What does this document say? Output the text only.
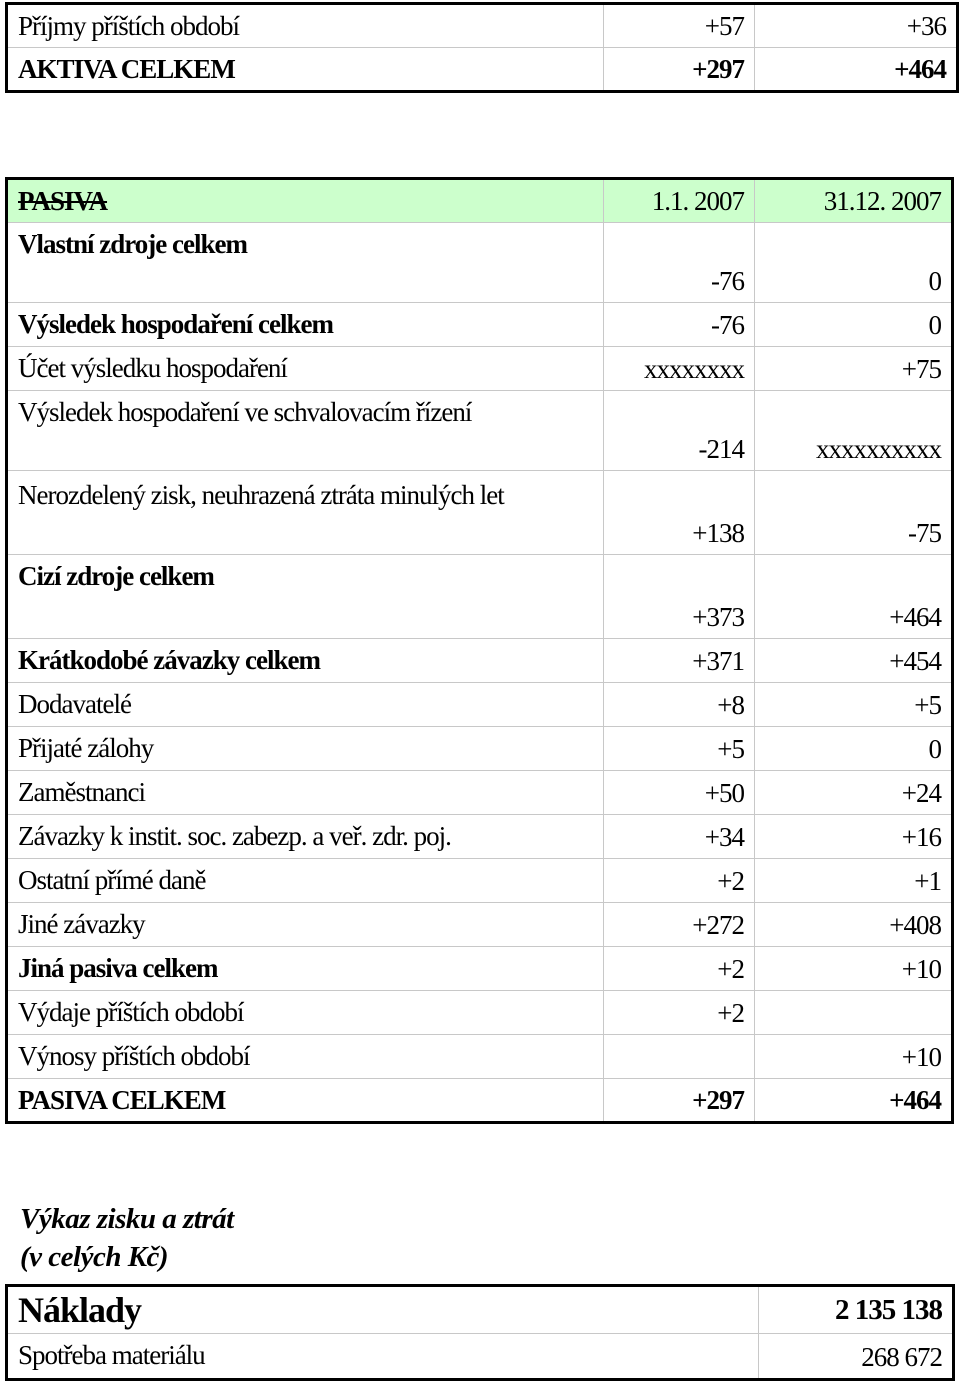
Příjmy příštích období	+57	+36
AKTIVA CELKEM	+297	+464
PASIVA	1.1. 2007	31.12. 2007
Vlastní zdroje celkem	-76	0
Výsledek hospodaření celkem	-76	0
Účet výsledku hospodaření	xxxxxxxx	+75
Výsledek hospodaření ve schvalovacím řízení	-214	xxxxxxxxxx
Nerozdelený zisk, neuhrazená ztráta minulých let	+138	-75
Cizí zdroje celkem	+373	+464
Krátkodobé závazky celkem	+371	+454
Dodavatelé	+8	+5
Přijaté zálohy	+5	0
Zaměstnanci	+50	+24
Závazky k instit. soc. zabezp. a veř. zdr. poj.	+34	+16
Ostatní přímé daně	+2	+1
Jiné závazky	+272	+408
Jiná pasiva celkem	+2	+10
Výdaje příštích období	+2	
Výnosy příštích období		+10
PASIVA CELKEM	+297	+464
Výkaz zisku a ztrát
(v celých Kč)
Náklady	2 135 138
Spotřeba materiálu	268 672
